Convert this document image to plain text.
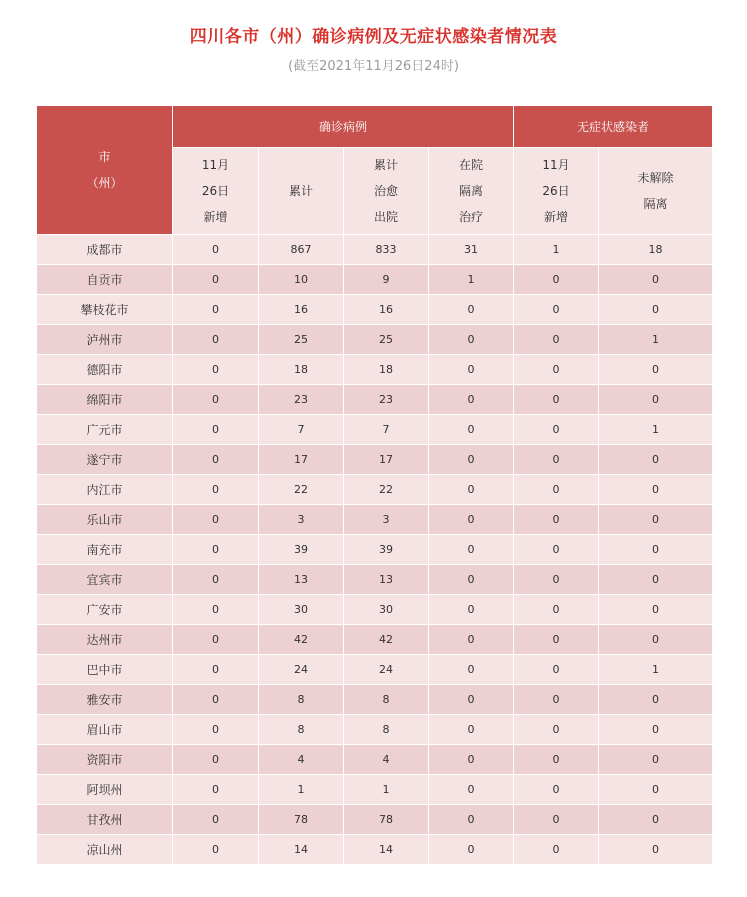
四川各市（州）确诊病例及无症状感染者情况表
(截至2021年11月26日24时)
市
（州）	确诊病例				无症状感染者	

	11月
26日
新增	累计	累计
治愈
出院	在院
隔离
治疗	11月
26日
新增	未解除
隔离

成都市	0	867	833	31	1	18
自贡市	0	10	9	1	0	0
攀枝花市	0	16	16	0	0	0
泸州市	0	25	25	0	0	1
德阳市	0	18	18	0	0	0
绵阳市	0	23	23	0	0	0
广元市	0	7	7	0	0	1
遂宁市	0	17	17	0	0	0
内江市	0	22	22	0	0	0
乐山市	0	3	3	0	0	0
南充市	0	39	39	0	0	0
宜宾市	0	13	13	0	0	0
广安市	0	30	30	0	0	0
达州市	0	42	42	0	0	0
巴中市	0	24	24	0	0	1
雅安市	0	8	8	0	0	0
眉山市	0	8	8	0	0	0
资阳市	0	4	4	0	0	0
阿坝州	0	1	1	0	0	0
甘孜州	0	78	78	0	0	0
凉山州	0	14	14	0	0	0
